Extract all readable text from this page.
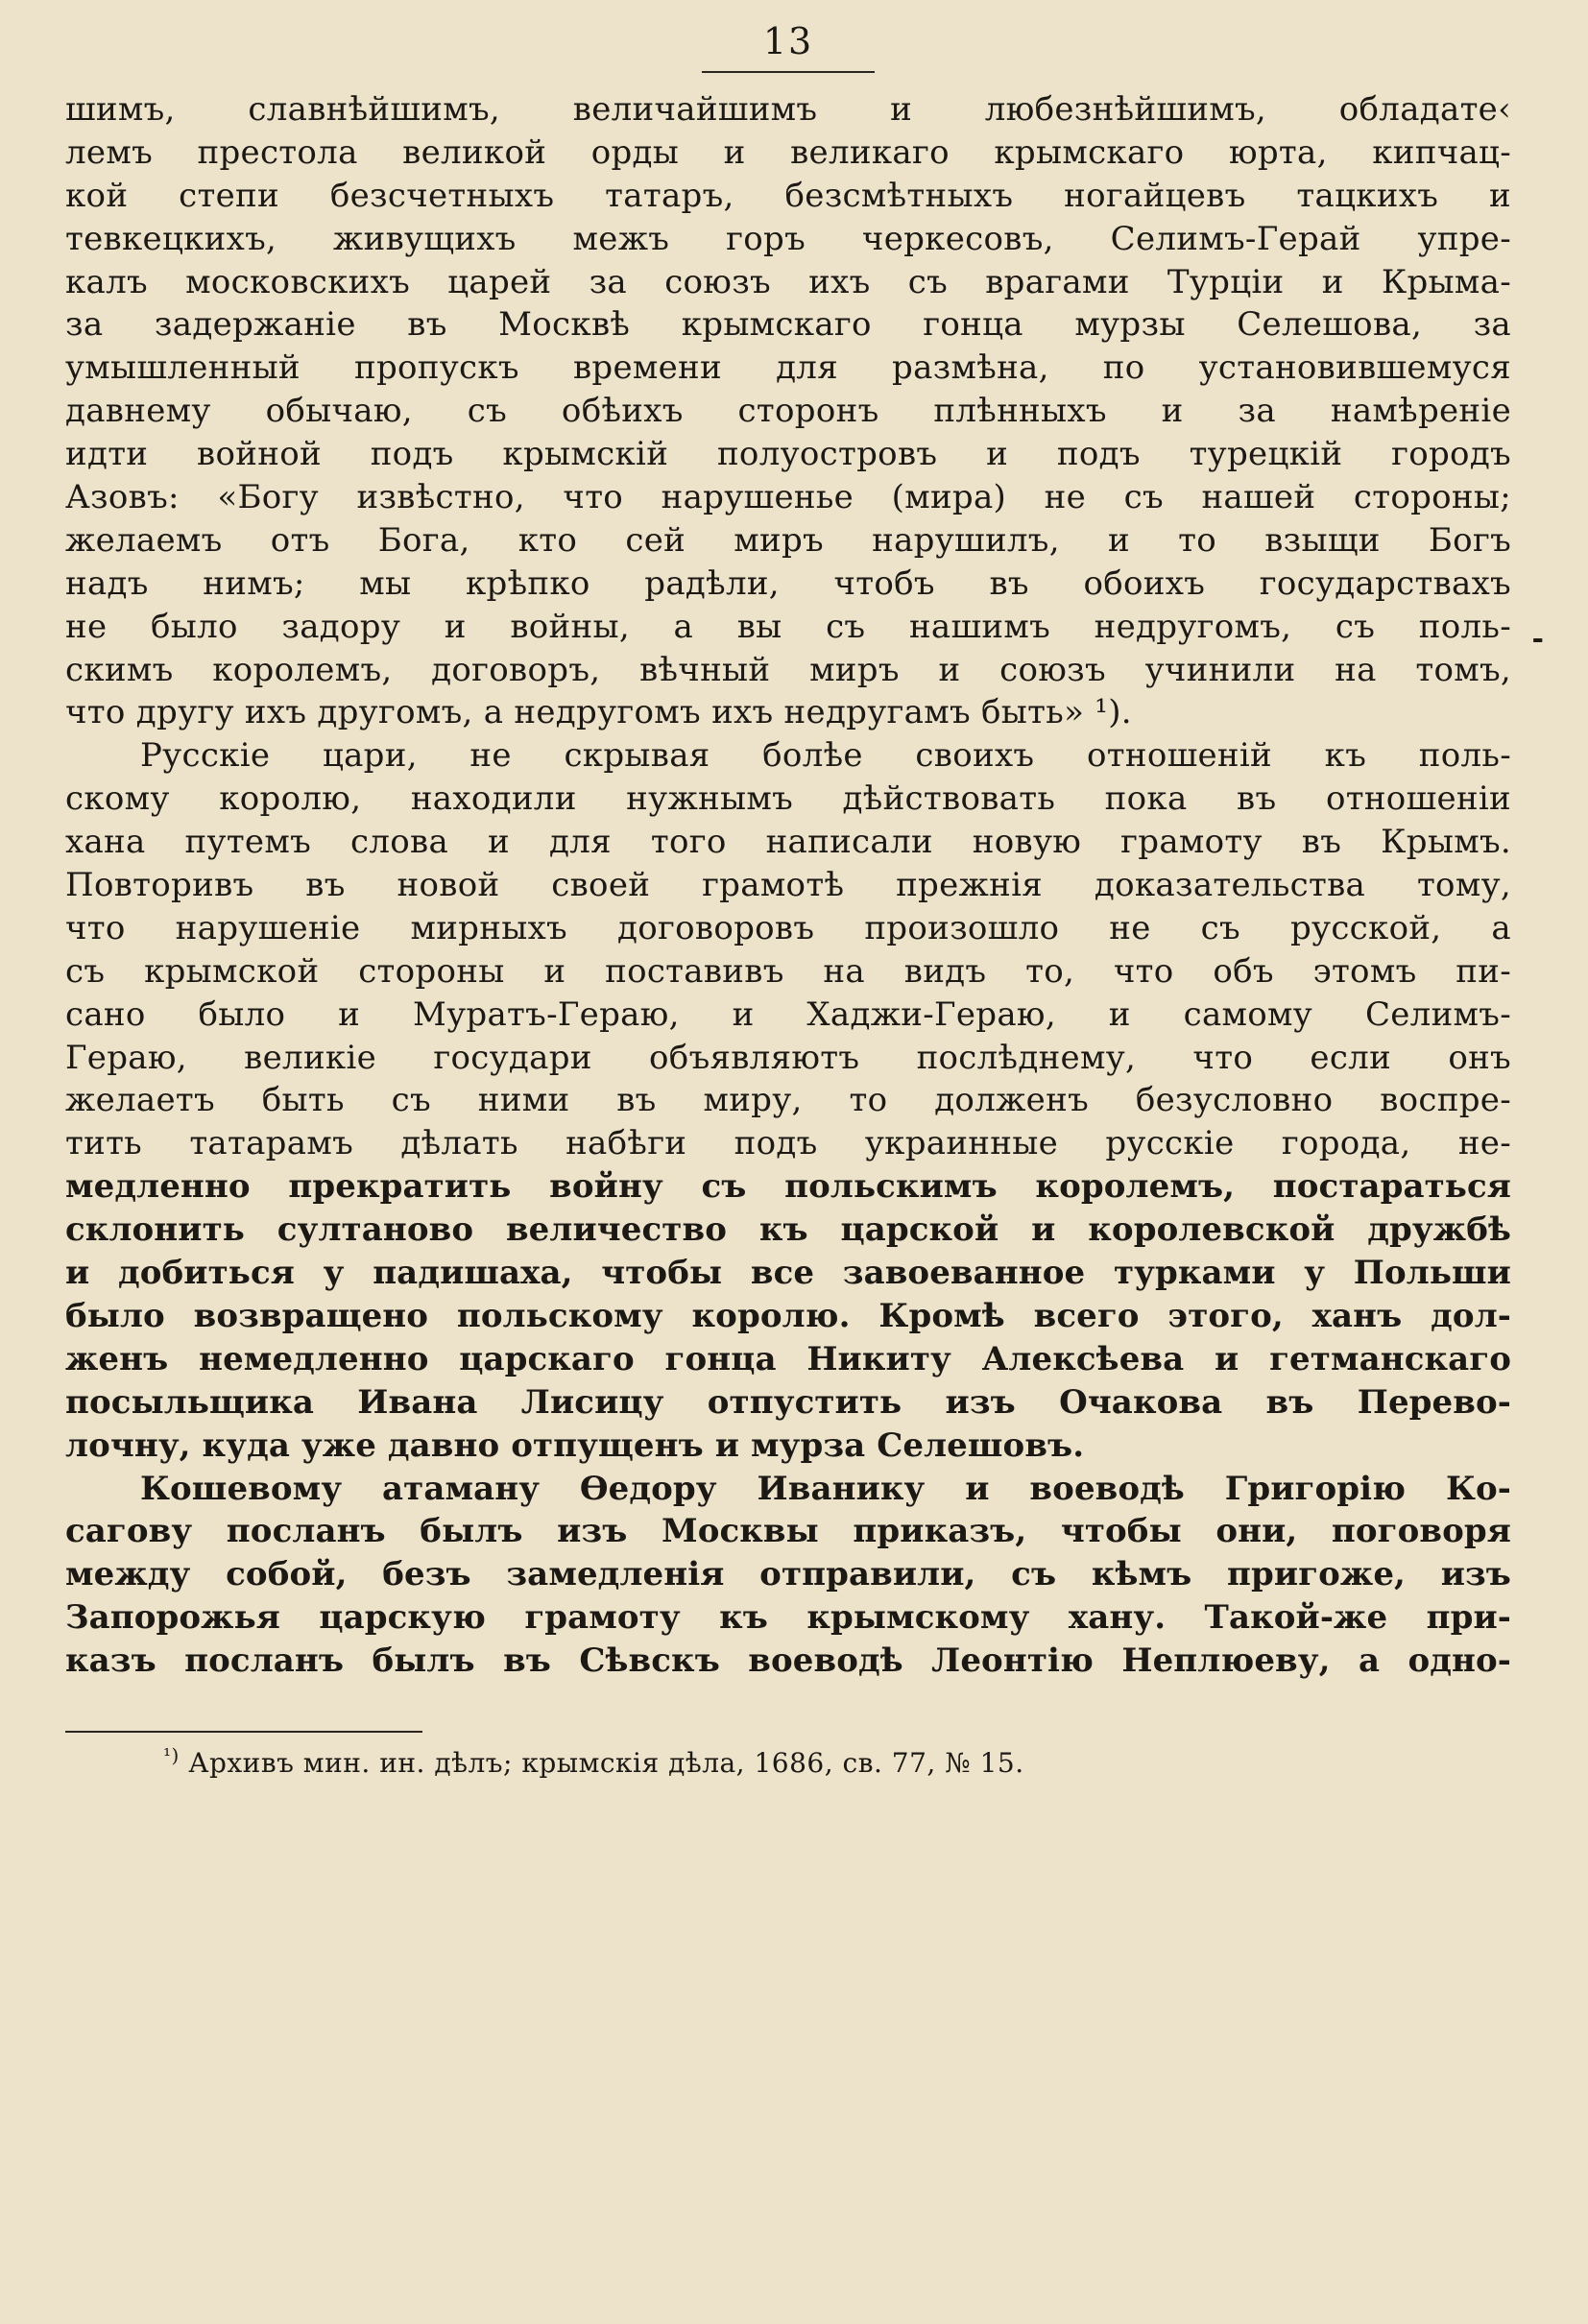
13
шимъ, славнѣйшимъ, величайшимъ и любезнѣйшимъ, обладате‹
лемъ престола великой орды и великаго крымскаго юрта, кипчац-
кой степи безсчетныхъ татаръ, безсмѣтныхъ ногайцевъ тацкихъ и
тевкецкихъ, живущихъ межъ горъ черкесовъ, Селимъ-Герай упре-
калъ московскихъ царей за союзъ ихъ съ врагами Турціи и Крыма-
за задержаніе въ Москвѣ крымскаго гонца мурзы Селешова, за
умышленный пропускъ времени для размѣна, по установившемуся
давнему обычаю, съ обѣихъ сторонъ плѣнныхъ и за намѣреніе
идти войной подъ крымскій полуостровъ и подъ турецкій городъ
Азовъ: «Богу извѣстно, что нарушенье (мира) не съ нашей стороны;
желаемъ отъ Бога, кто сей миръ нарушилъ, и то взыщи Богъ
надъ нимъ; мы крѣпко радѣли, чтобъ въ обоихъ государствахъ
не было задору и войны, а вы съ нашимъ недругомъ, съ поль-
скимъ королемъ, договоръ, вѣчный миръ и союзъ учинили на томъ,
что другу ихъ другомъ, а недругомъ ихъ недругамъ быть» ¹).
Русскіе цари, не скрывая болѣе своихъ отношеній къ поль-
скому королю, находили нужнымъ дѣйствовать пока въ отношеніи
хана путемъ слова и для того написали новую грамоту въ Крымъ.
Повторивъ въ новой своей грамотѣ прежнія доказательства тому,
что нарушеніе мирныхъ договоровъ произошло не съ русской, а
съ крымской стороны и поставивъ на видъ то, что объ этомъ пи-
сано было и Муратъ-Гераю, и Хаджи-Гераю, и самому Селимъ-
Гераю, великіе государи объявляютъ послѣднему, что если онъ
желаетъ быть съ ними въ миру, то долженъ безусловно воспре-
тить татарамъ дѣлать набѣги подъ украинные русскіе города, не-
медленно прекратить войну съ польскимъ королемъ, постараться
склонить султаново величество къ царской и королевской дружбѣ
и добиться у падишаха, чтобы все завоеванное турками у Польши
было возвращено польскому королю. Кромѣ всего этого, ханъ дол-
женъ немедленно царскаго гонца Никиту Алексѣева и гетманскаго
посыльщика Ивана Лисицу отпустить изъ Очакова въ Перево-
лочну, куда уже давно отпущенъ и мурза Селешовъ.
Кошевому атаману Ѳедору Иванику и воеводѣ Григорію Ко-
сагову посланъ былъ изъ Москвы приказъ, чтобы они, поговоря
между собой, безъ замедленія отправили, съ кѣмъ пригоже, изъ
Запорожья царскую грамоту къ крымскому хану. Такой-же при-
казъ посланъ былъ въ Сѣвскъ воеводѣ Леонтію Неплюеву, а одно-
-
$^{^1)}$ Архивъ мин. ин. дѣлъ; крымскія дѣла, 1686, св. 77, № 15.
